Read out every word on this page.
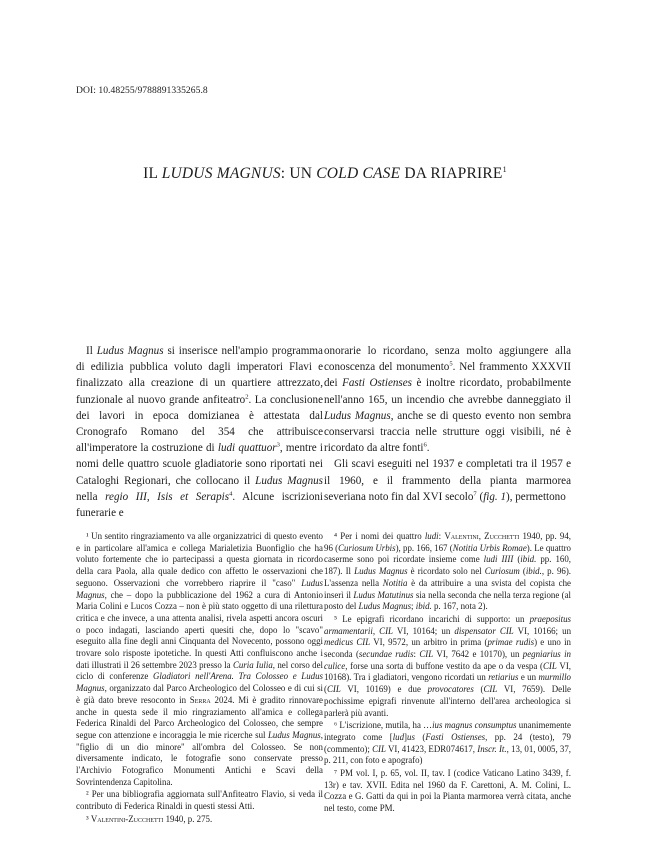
DOI: 10.48255/9788891335265.8
IL LUDUS MAGNUS: UN COLD CASE DA RIAPRIRE$^1$

Il Ludus Magnus si inserisce nell'ampio programma di edilizia pubblica voluto dagli imperatori Flavi e finalizzato alla creazione di un quartiere attrezzato, funzionale al nuovo grande anfiteatro$^2$. La conclusione dei lavori in epoca domizianea è attestata dal Cronografo Romano del 354 che attribuisce all'imperatore la costruzione di ludi quattuor$^3$, mentre i nomi delle quattro scuole gladiatorie sono riportati nei Cataloghi Regionari, che collocano il Ludus Magnus nella regio III, Isis et Serapis$^4$. Alcune iscrizioni funerarie e

onorarie lo ricordano, senza molto aggiungere alla conoscenza del monumento$^5$. Nel frammento XXXVII dei Fasti Ostienses è inoltre ricordato, probabilmente nell'anno 165, un incendio che avrebbe danneggiato il Ludus Magnus, anche se di questo evento non sembra conservarsi traccia nelle strutture oggi visibili, né è ricordato da altre fonti$^6$.

Gli scavi eseguiti nel 1937 e completati tra il 1957 e il 1960, e il frammento della pianta marmorea severiana noto fin dal XVI secolo$^7$ (fig. 1), permettono

¹ Un sentito ringraziamento va alle organizzatrici di questo evento e in particolare all'amica e collega Marialetizia Buonfiglio che ha voluto fortemente che io partecipassi a questa giornata in ricordo della cara Paola, alla quale dedico con affetto le osservazioni che seguono. Osservazioni che vorrebbero riaprire il "caso" Ludus Magnus, che – dopo la pubblicazione del 1962 a cura di Antonio Maria Colini e Lucos Cozza – non è più stato oggetto di una rilettura critica e che invece, a una attenta analisi, rivela aspetti ancora oscuri o poco indagati, lasciando aperti quesiti che, dopo lo "scavo" eseguito alla fine degli anni Cinquanta del Novecento, possono oggi trovare solo risposte ipotetiche. In questi Atti confluiscono anche i dati illustrati il 26 settembre 2023 presso la Curia Iulia, nel corso del ciclo di conferenze Gladiatori nell'Arena. Tra Colosseo e Ludus Magnus, organizzato dal Parco Archeologico del Colosseo e di cui si è già dato breve resoconto in Serra 2024. Mi è gradito rinnovare anche in questa sede il mio ringraziamento all'amica e collega Federica Rinaldi del Parco Archeologico del Colosseo, che sempre segue con attenzione e incoraggia le mie ricerche sul Ludus Magnus, "figlio di un dio minore" all'ombra del Colosseo. Se non diversamente indicato, le fotografie sono conservate presso l'Archivio Fotografico Monumenti Antichi e Scavi della Sovrintendenza Capitolina.

² Per una bibliografia aggiornata sull'Anfiteatro Flavio, si veda il contributo di Federica Rinaldi in questi stessi Atti.

³ Valentini-Zucchetti 1940, p. 275.

⁴ Per i nomi dei quattro ludi: Valentini, Zucchetti 1940, pp. 94, 96 (Curiosum Urbis), pp. 166, 167 (Notitia Urbis Romae). Le quattro caserme sono poi ricordate insieme come ludi IIII (ibid. pp. 160, 187). Il Ludus Magnus è ricordato solo nel Curiosum (ibid., p. 96). L'assenza nella Notitia è da attribuire a una svista del copista che inserì il Ludus Matutinus sia nella seconda che nella terza regione (al posto del Ludus Magnus; ibid. p. 167, nota 2).

⁵ Le epigrafi ricordano incarichi di supporto: un praepositus armamentarii, CIL VI, 10164; un dispensator CIL VI, 10166; un medicus CIL VI, 9572, un arbitro in prima (primae rudis) e uno in seconda (secundae rudis: CIL VI, 7642 e 10170), un pegniarius in culice, forse una sorta di buffone vestito da ape o da vespa (CIL VI, 10168). Tra i gladiatori, vengono ricordati un retiarius e un murmillo (CIL VI, 10169) e due provocatores (CIL VI, 7659). Delle pochissime epigrafi rinvenute all'interno dell'area archeologica si parlerà più avanti.

⁶ L'iscrizione, mutila, ha …ius magnus consumptus unanimemente integrato come [lud]us (Fasti Ostienses, pp. 24 (testo), 79 (commento); CIL VI, 41423, EDR074617, Inscr. It., 13, 01, 0005, 37, p. 211, con foto e apografo)

⁷ PM vol. I, p. 65, vol. II, tav. I (codice Vaticano Latino 3439, f. 13r) e tav. XVII. Edita nel 1960 da F. Carettoni, A. M. Colini, L. Cozza e G. Gatti da qui in poi la Pianta marmorea verrà citata, anche nel testo, come PM.
